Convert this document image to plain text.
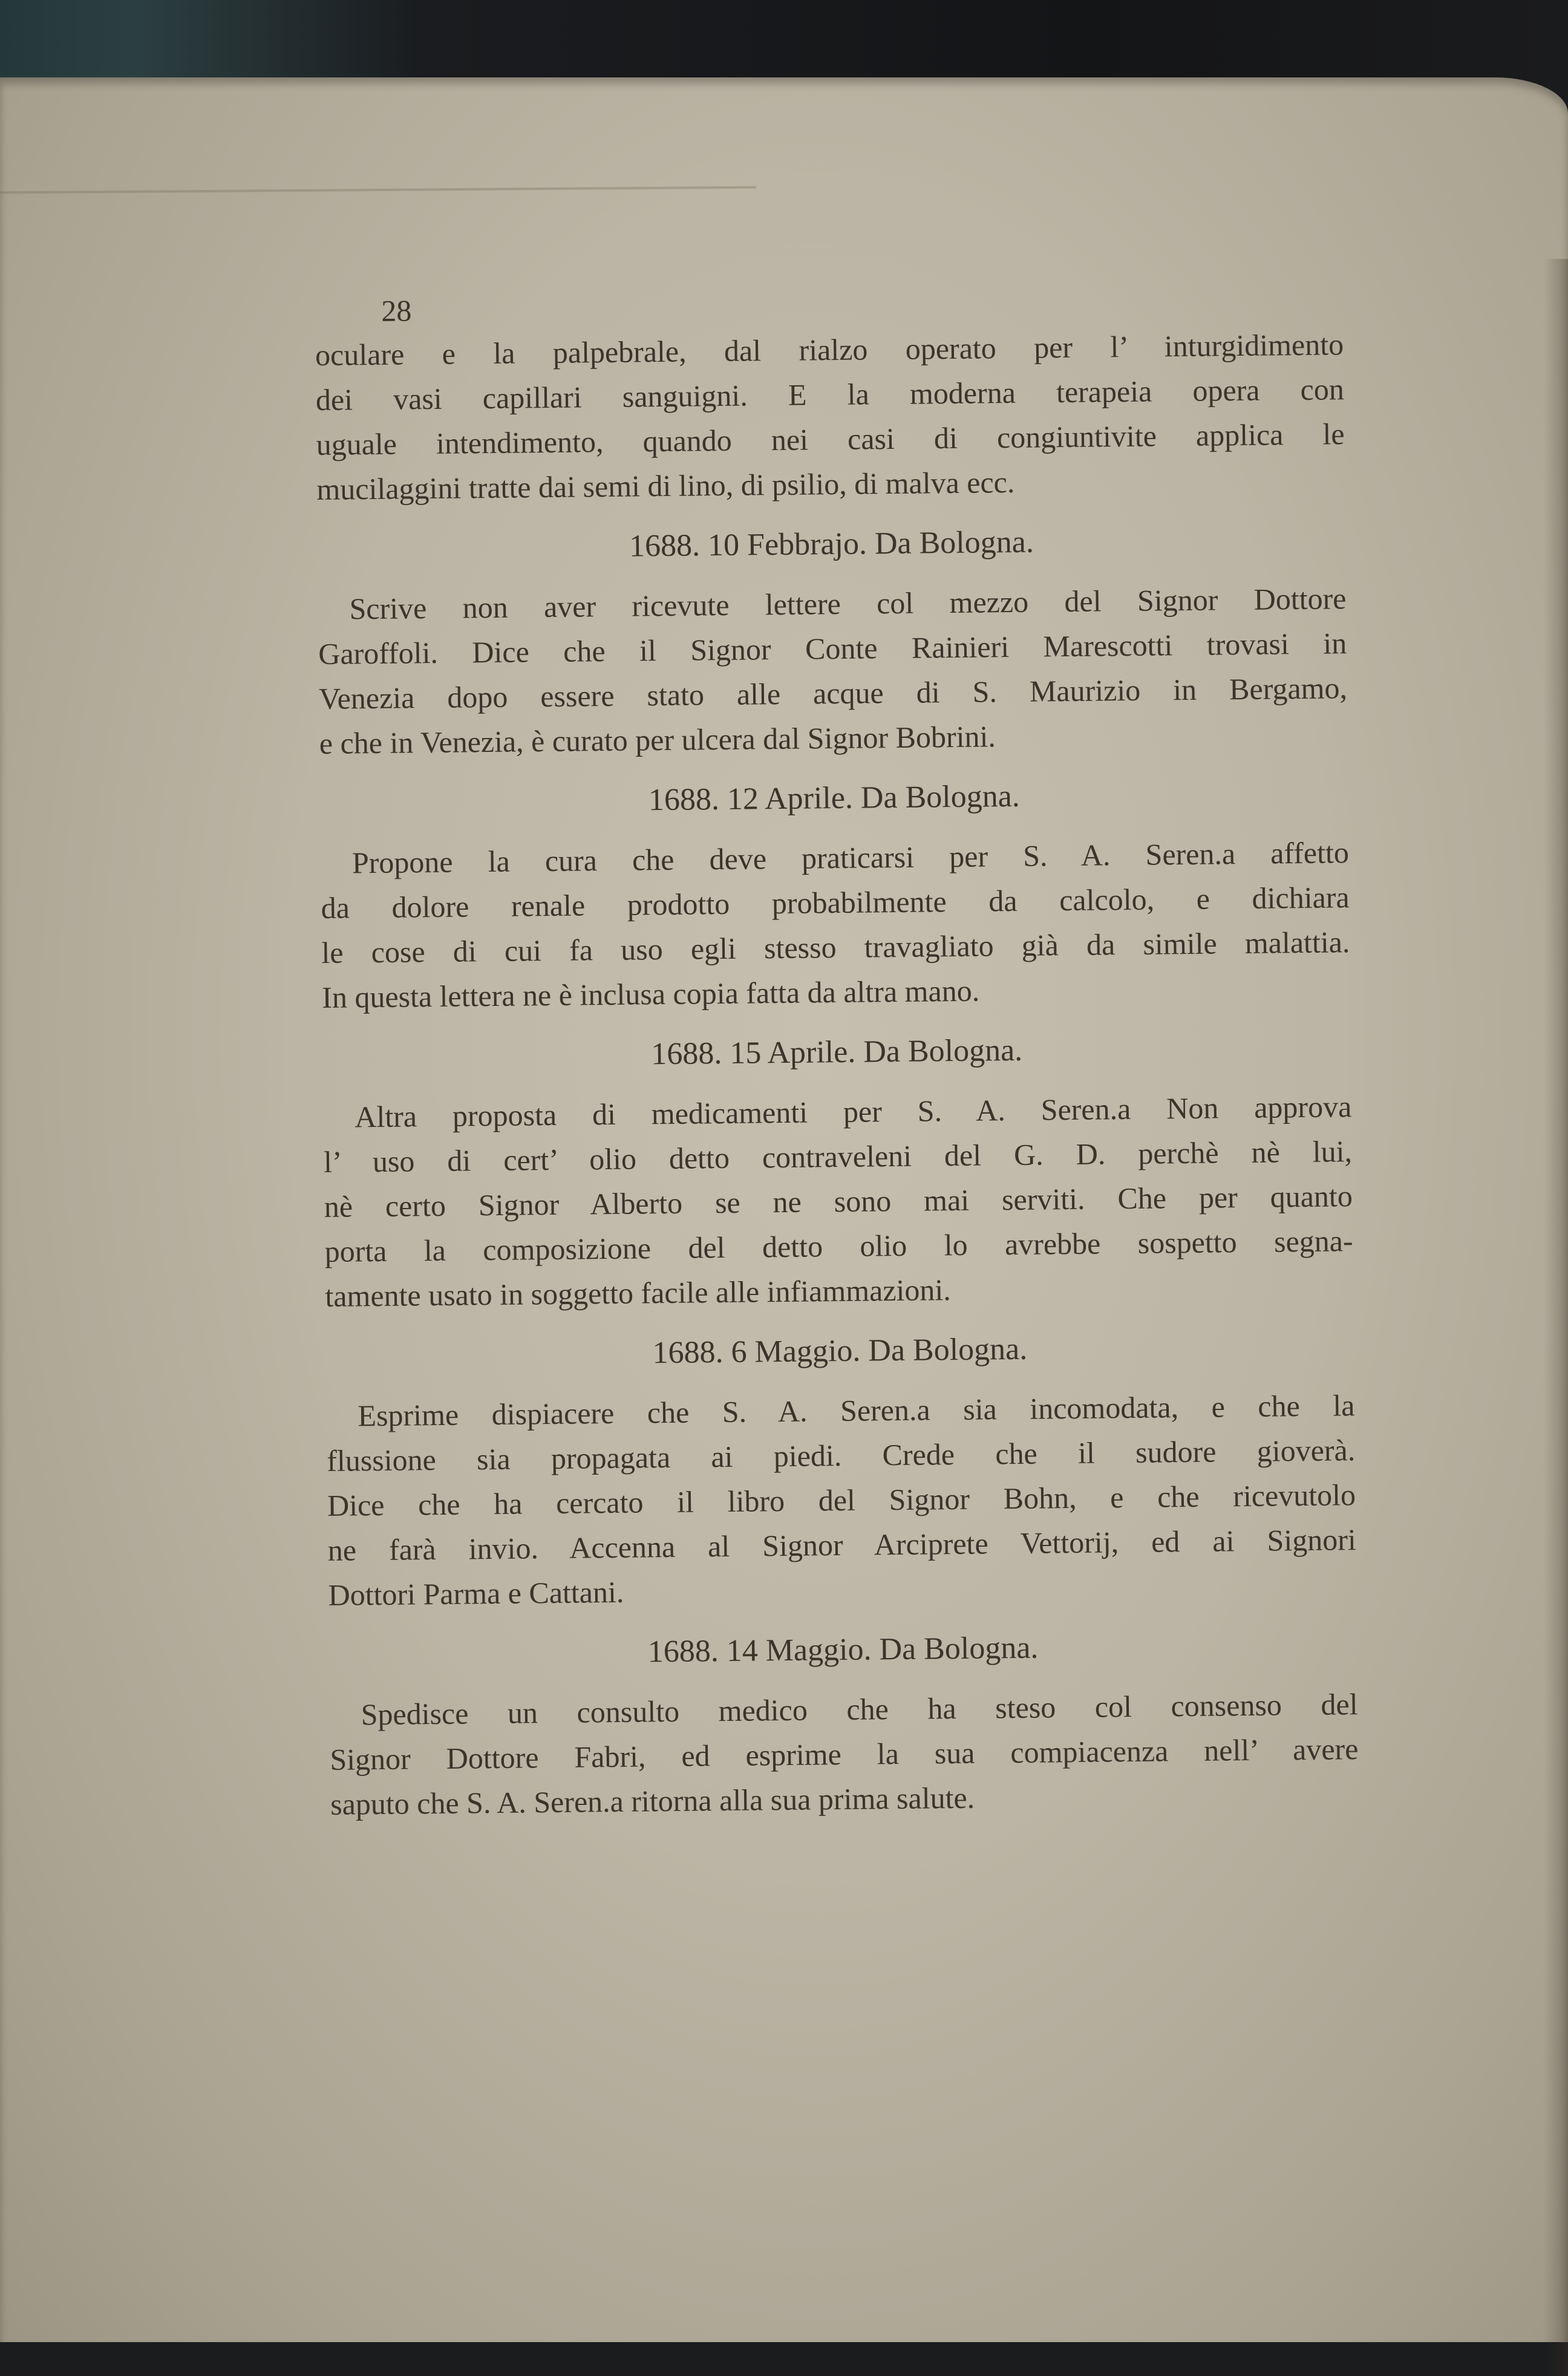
28
oculare e la palpebrale, dal rialzo operato per l’ inturgidimento
dei vasi capillari sanguigni. E la moderna terapeia opera con
uguale intendimento, quando nei casi di congiuntivite applica le
mucilaggini tratte dai semi di lino, di psilio, di malva ecc.
1688. 10 Febbrajo. Da Bologna.
Scrive non aver ricevute lettere col mezzo del Signor Dottore
Garoffoli. Dice che il Signor Conte Rainieri Marescotti trovasi in
Venezia dopo essere stato alle acque di S. Maurizio in Bergamo,
e che in Venezia, è curato per ulcera dal Signor Bobrini.
1688. 12 Aprile. Da Bologna.
Propone la cura che deve praticarsi per S. A. Seren.a affetto
da dolore renale prodotto probabilmente da calcolo, e dichiara
le cose di cui fa uso egli stesso travagliato già da simile malattia.
In questa lettera ne è inclusa copia fatta da altra mano.
1688. 15 Aprile. Da Bologna.
Altra proposta di medicamenti per S. A. Seren.a Non approva
l’ uso di cert’ olio detto contraveleni del G. D. perchè nè lui,
nè certo Signor Alberto se ne sono mai serviti. Che per quanto
porta la composizione del detto olio lo avrebbe sospetto segna-
tamente usato in soggetto facile alle infiammazioni.
1688. 6 Maggio. Da Bologna.
Esprime dispiacere che S. A. Seren.a sia incomodata, e che la
flussione sia propagata ai piedi. Crede che il sudore gioverà.
Dice che ha cercato il libro del Signor Bohn, e che ricevutolo
ne farà invio. Accenna al Signor Arciprete Vettorij, ed ai Signori
Dottori Parma e Cattani.
1688. 14 Maggio. Da Bologna.
Spedisce un consulto medico che ha steso col consenso del
Signor Dottore Fabri, ed esprime la sua compiacenza nell’ avere
saputo che S. A. Seren.a ritorna alla sua prima salute.
